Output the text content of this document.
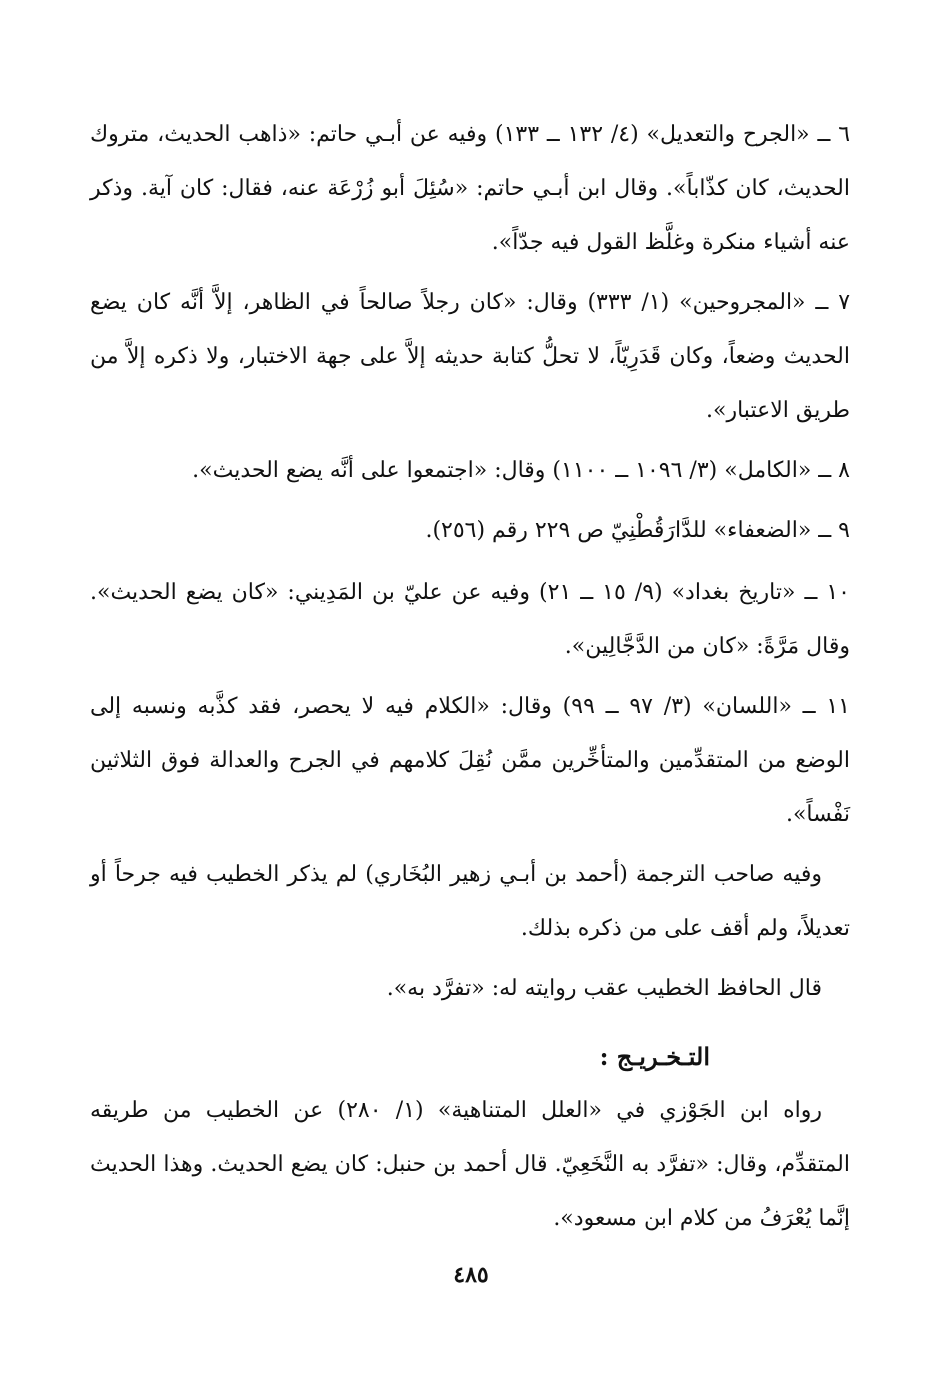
٦ ــ «الجرح والتعديل» (٤/ ١٣٢ ــ ١٣٣) وفيه عن أبـي حاتم: «ذاهب الحديث، متروك الحديث، كان كذّاباً». وقال ابن أبـي حاتم: «سُئِلَ أبو زُرْعَة عنه، فقال: كان آية. وذكر عنه أشياء منكرة وغلَّظ القول فيه جدّاً».

٧ ــ «المجروحين» (١/ ٣٣٣) وقال: «كان رجلاً صالحاً في الظاهر، إلاَّ أنَّه كان يضع الحديث وضعاً، وكان قَدَرِيّاً، لا تحلُّ كتابة حديثه إلاَّ على جهة الاختبار، ولا ذكره إلاَّ من طريق الاعتبار».

٨ ــ «الكامل» (٣/ ١٠٩٦ ــ ١١٠٠) وقال: «اجتمعوا على أنَّه يضع الحديث».

٩ ــ «الضعفاء» للدَّارَقُطْنِيّ ص ٢٢٩ رقم (٢٥٦).

١٠ ــ «تاريخ بغداد» (٩/ ١٥ ــ ٢١) وفيه عن عليّ بن المَدِيني: «كان يضع الحديث». وقال مَرَّةً: «كان من الدَّجَّالِين».

١١ ــ «اللسان» (٣/ ٩٧ ــ ٩٩) وقال: «الكلام فيه لا يحصر، فقد كذَّبه ونسبه إلى الوضع من المتقدِّمين والمتأخِّرين ممَّن نُقِلَ كلامهم في الجرح والعدالة فوق الثلاثين نَفْساً».

وفيه صاحب الترجمة (أحمد بن أبـي زهير البُخَاري) لم يذكر الخطيب فيه جرحاً أو تعديلاً، ولم أقف على من ذكره بذلك.

قال الحافظ الخطيب عقب روايته له: «تفرَّد به».

التـخـريـج :

رواه ابن الجَوْزي في «العلل المتناهية» (١/ ٢٨٠) عن الخطيب من طريقه المتقدِّم، وقال: «تفرَّد به النَّخَعِيّ. قال أحمد بن حنبل: كان يضع الحديث. وهذا الحديث إنَّما يُعْرَفُ من كلام ابن مسعود».

٤٨٥
